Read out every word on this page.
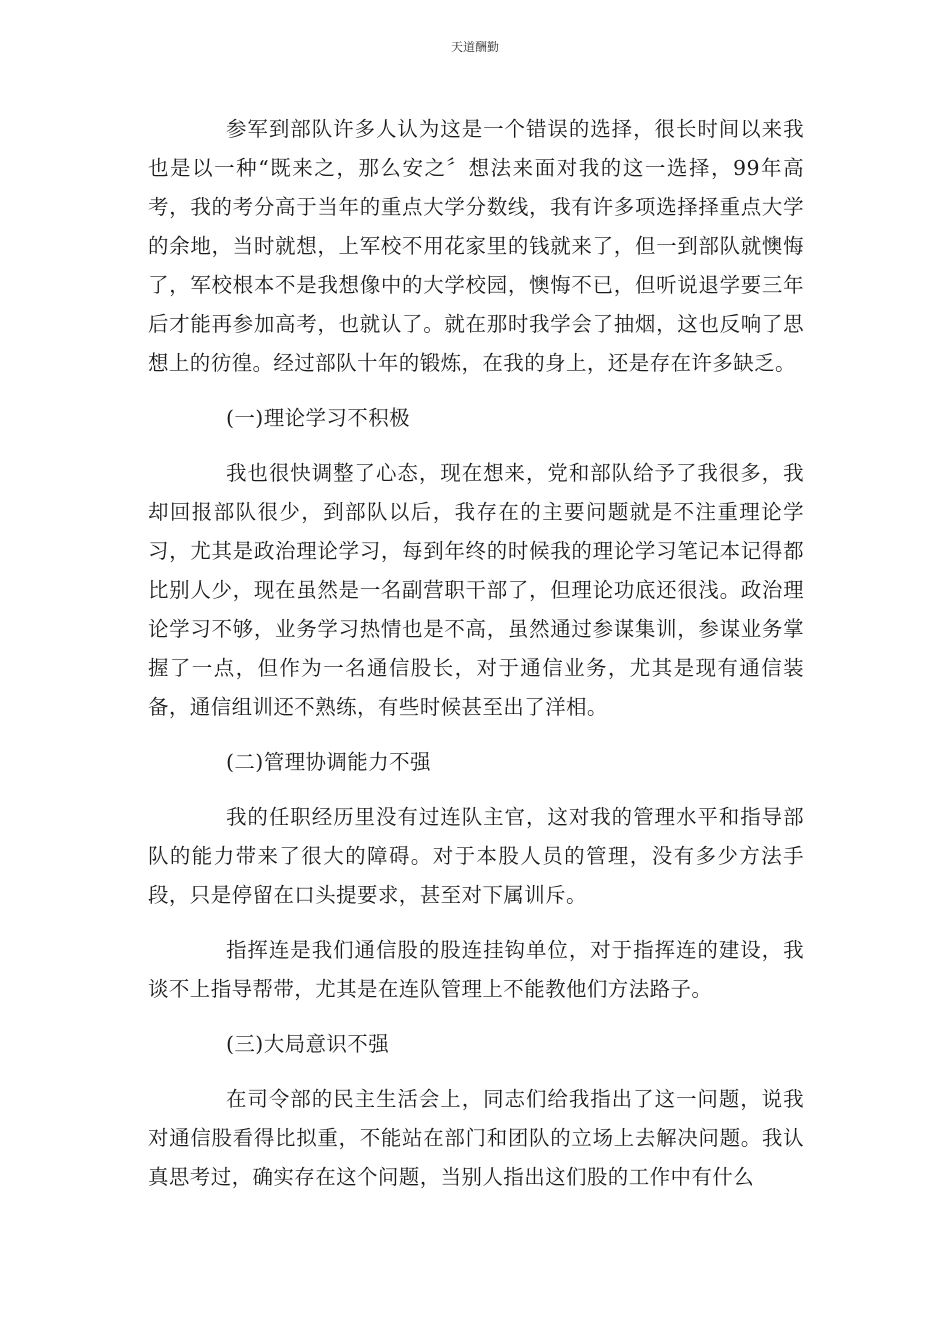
天道酬勤

参军到部队许多人认为这是一个错误的选择，很长时间以来我也是以一种“既来之，那么安之〞想法来面对我的这一选择，99年高考，我的考分高于当年的重点大学分数线，我有许多项选择择重点大学的余地，当时就想，上军校不用花家里的钱就来了，但一到部队就懊悔了，军校根本不是我想像中的大学校园，懊悔不已，但听说退学要三年后才能再参加高考，也就认了。就在那时我学会了抽烟，这也反响了思想上的彷徨。经过部队十年的锻炼，在我的身上，还是存在许多缺乏。

(一)理论学习不积极

我也很快调整了心态，现在想来，党和部队给予了我很多，我却回报部队很少，到部队以后，我存在的主要问题就是不注重理论学习，尤其是政治理论学习，每到年终的时候我的理论学习笔记本记得都比别人少，现在虽然是一名副营职干部了，但理论功底还很浅。政治理论学习不够，业务学习热情也是不高，虽然通过参谋集训，参谋业务掌握了一点，但作为一名通信股长，对于通信业务，尤其是现有通信装备，通信组训还不熟练，有些时候甚至出了洋相。

(二)管理协调能力不强

我的任职经历里没有过连队主官，这对我的管理水平和指导部队的能力带来了很大的障碍。对于本股人员的管理，没有多少方法手段，只是停留在口头提要求，甚至对下属训斥。

指挥连是我们通信股的股连挂钩单位，对于指挥连的建设，我谈不上指导帮带，尤其是在连队管理上不能教他们方法路子。

(三)大局意识不强

在司令部的民主生活会上，同志们给我指出了这一问题，说我对通信股看得比拟重，不能站在部门和团队的立场上去解决问题。我认真思考过，确实存在这个问题，当别人指出这们股的工作中有什么
